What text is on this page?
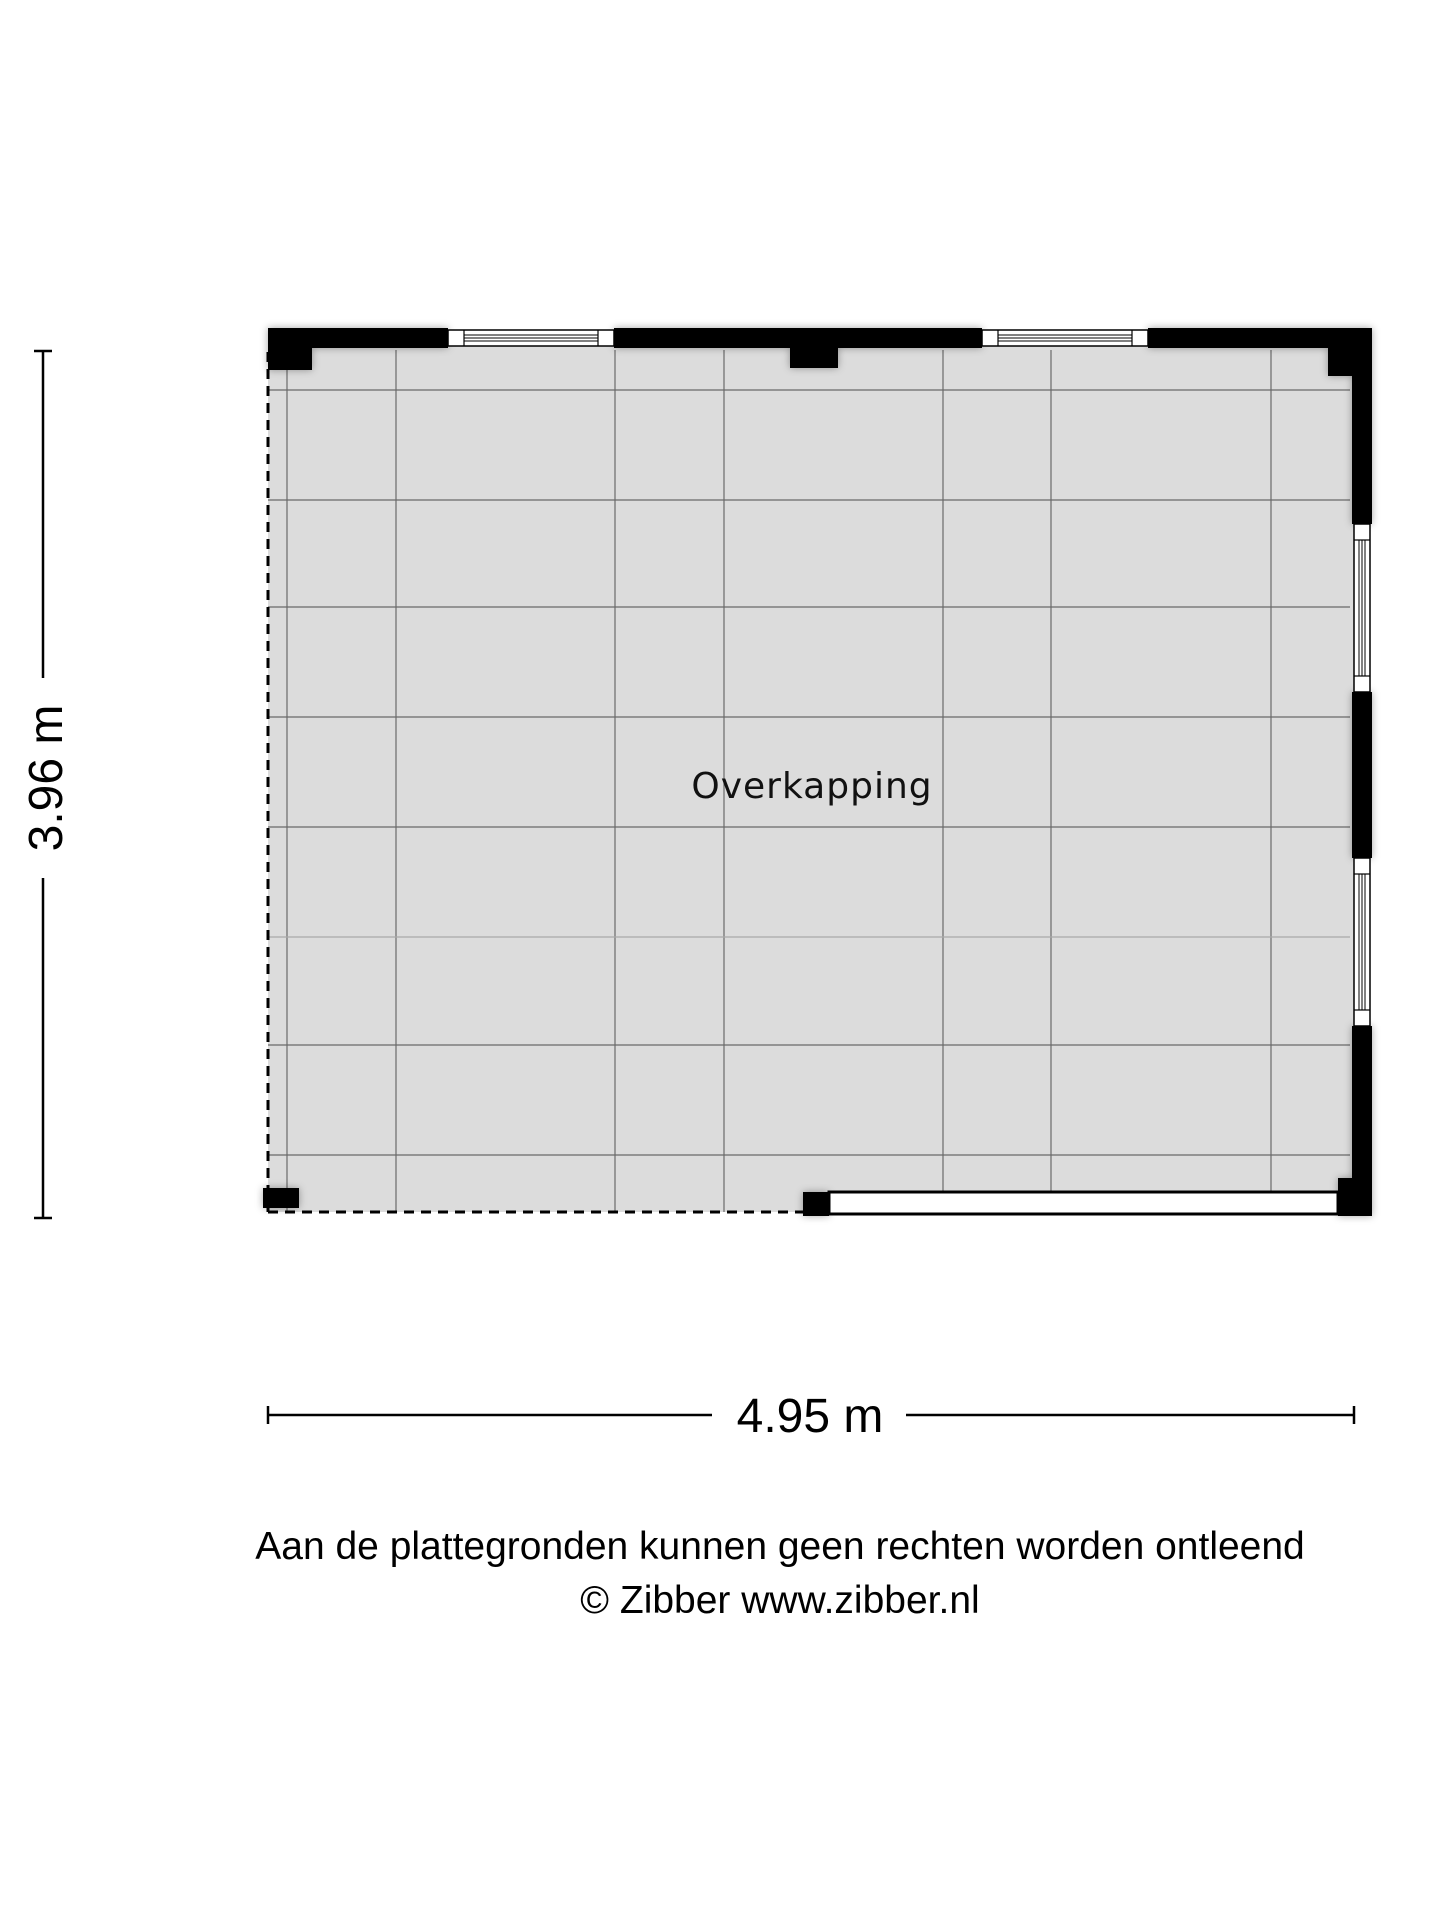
Overkapping
3.96 m
4.95 m
Aan de plattegronden kunnen geen rechten worden ontleend
© Zibber www.zibber.nl
